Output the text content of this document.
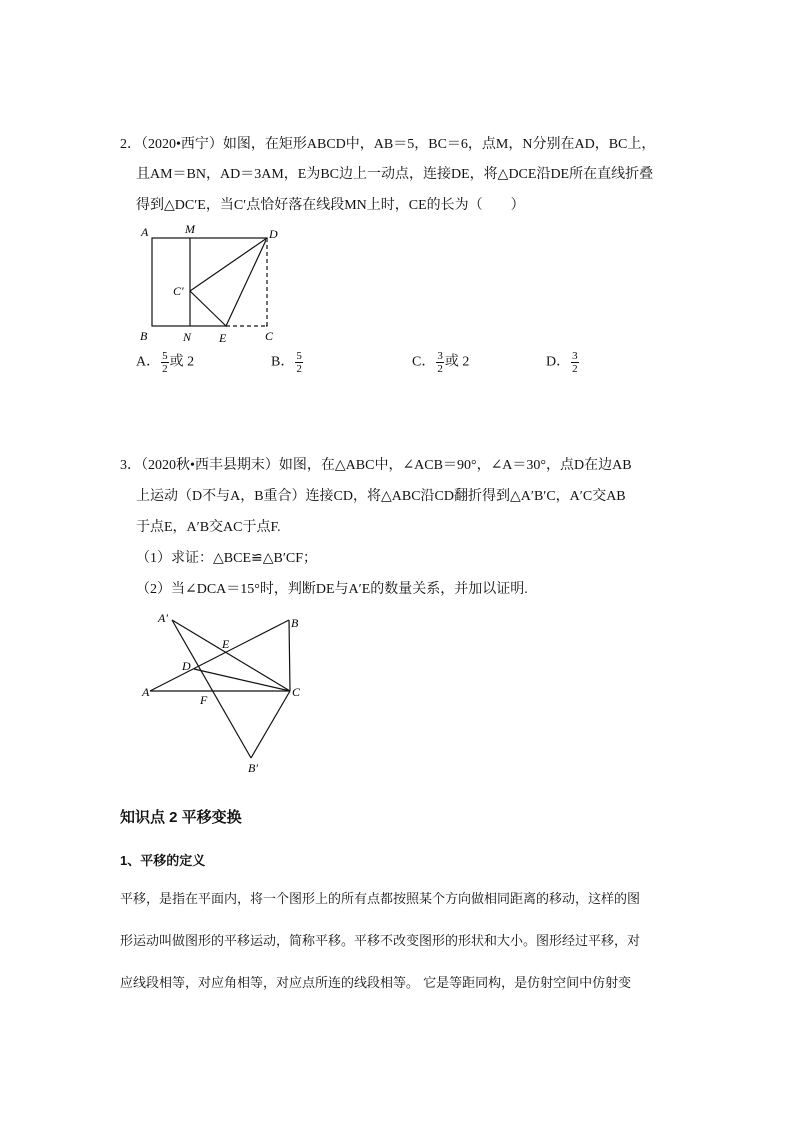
2．（2020•西宁）如图，在矩形ABCD中，AB＝5，BC＝6，点M，N分别在AD，BC上，
且AM＝BN，AD＝3AM，E为BC边上一动点，连接DE，将△DCE沿DE所在直线折叠
得到△DC′E，当C′点恰好落在线段MN上时，CE的长为（　　）
A	M	D
C′
B	N E	C
A′	B
E
D
A
F
C
B′
A． $\frac{5}{2}$ 或 2	B． $\frac{5}{2}$	C． $\frac{3}{2}$ 或 2	D． $\frac{3}{2}$
3．（2020秋•西丰县期末）如图，在△ABC中，∠ACB＝90°，∠A＝30°，点D在边AB
上运动（D不与A，B重合）连接CD，将△ABC沿CD翻折得到△A′B′C，A′C交AB
于点E，A′B交AC于点F.
（1）求证：△BCE≌△B′CF；
（2）当∠DCA＝15°时，判断DE与A′E的数量关系，并加以证明.
知识点 2 平移变换
1、平移的定义
平移，是指在平面内，将一个图形上的所有点都按照某个方向做相同距离的移动，这样的图
形运动叫做图形的平移运动，简称平移。平移不改变图形的形状和大小。图形经过平移，对
应线段相等，对应角相等，对应点所连的线段相等。 它是等距同构，是仿射空间中仿射变
